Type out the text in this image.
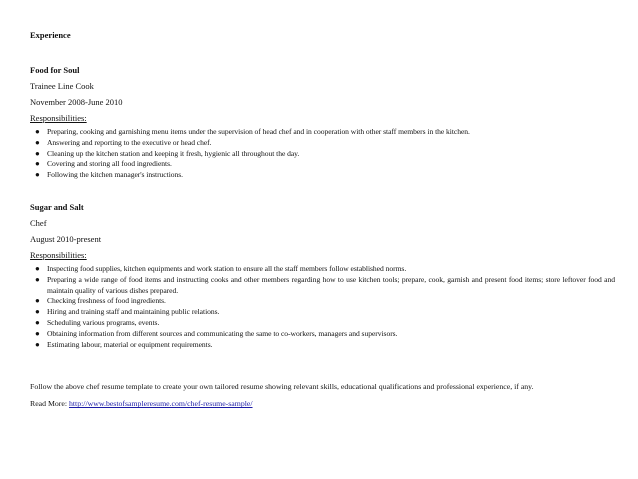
Experience

Food for Soul

Trainee Line Cook

November 2008-June 2010

Responsibilities:

● Preparing, cooking and garnishing menu items under the supervision of head chef and in cooperation with other staff members in the kitchen.
● Answering and reporting to the executive or head chef.
● Cleaning up the kitchen station and keeping it fresh, hygienic all throughout the day.
● Covering and storing all food ingredients.
● Following the kitchen manager's instructions.

Sugar and Salt

Chef

August 2010-present

Responsibilities:

● Inspecting food supplies, kitchen equipments and work station to ensure all the staff members follow established norms.
● Preparing a wide range of food items and instructing cooks and other members regarding how to use kitchen tools; prepare, cook, garnish and present food items; store leftover food and maintain quality of various dishes prepared.
● Checking freshness of food ingredients.
● Hiring and training staff and maintaining public relations.
● Scheduling various programs, events.
● Obtaining information from different sources and communicating the same to co-workers, managers and supervisors.
● Estimating labour, material or equipment requirements.

Follow the above chef resume template to create your own tailored resume showing relevant skills, educational qualifications and professional experience, if any.

Read More: http://www.bestofsampleresume.com/chef-resume-sample/
